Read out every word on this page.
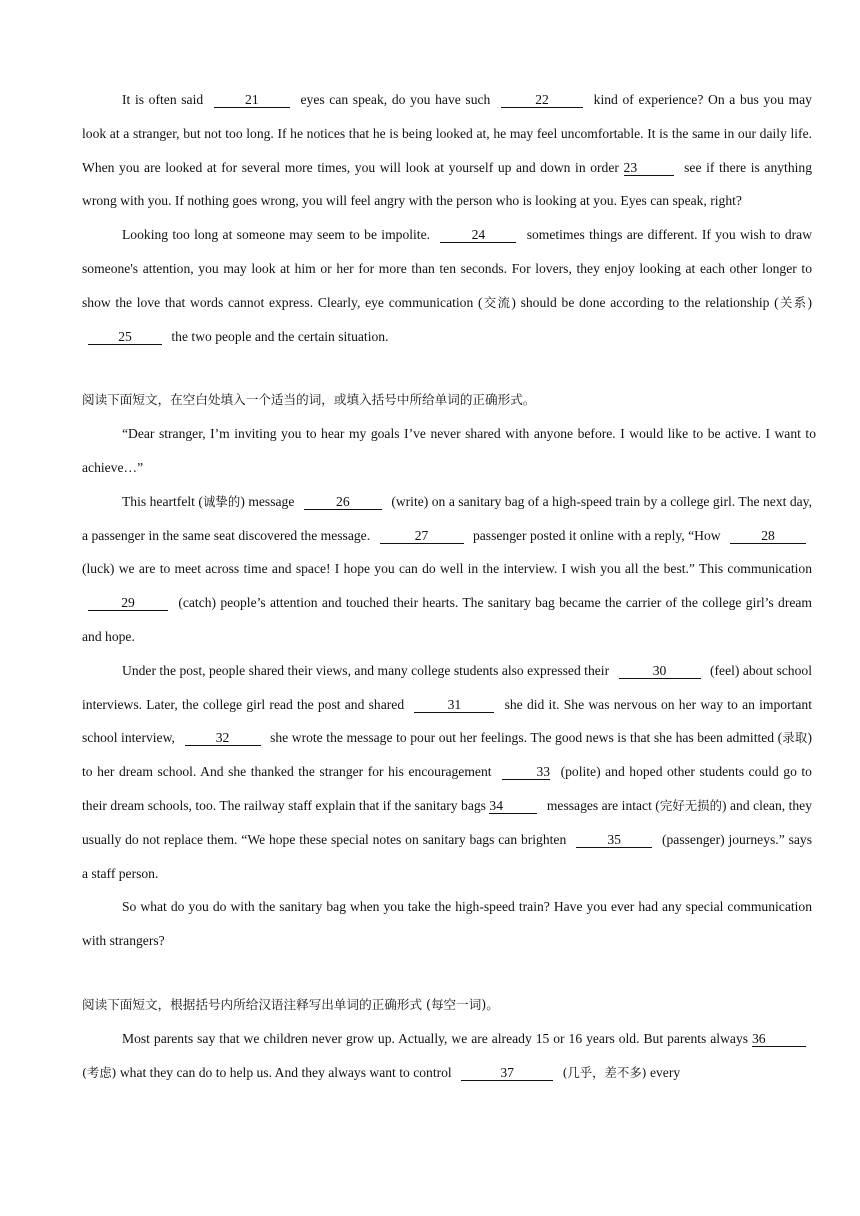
It is often said	21	eyes can speak, do you have such	22	kind of experience? On a bus you may look at a stranger, but not too long. If he notices that he is being looked at, he may feel uncomfortable. It is the same in our daily life. When you are looked at for several more times, you will look at yourself up and down in order 23	see if there is anything wrong with you. If nothing goes wrong, you will feel angry with the person who is looking at you. Eyes can speak, right?

Looking too long at someone may seem to be impolite.	24	sometimes things are different. If you wish to draw someone's attention, you may look at him or her for more than ten seconds. For lovers, they enjoy looking at each other longer to show the love that words cannot express. Clearly, eye communication (交流) should be done according to the relationship (关系) 25	the two people and the certain situation.

阅读下面短文，在空白处填入一个适当的词，或填入括号中所给单词的正确形式。

“Dear stranger, I’m inviting you to hear my goals I’ve never shared with anyone before. I would like to be active. I want to achieve…”

This heartfelt (诚挚的) message	26	(write) on a sanitary bag of a high-speed train by a college girl. The next day, a passenger in the same seat discovered the message.	27	passenger posted it online with a reply, “How	28 (luck) we are to meet across time and space! I hope you can do well in the interview. I wish you all the best.” This communication 29	(catch) people’s attention and touched their hearts. The sanitary bag became the carrier of the college girl’s dream and hope.

Under the post, people shared their views, and many college students also expressed their	30	(feel) about school interviews. Later, the college girl read the post and shared	31	she did it. She was nervous on her way to an important school interview,	32	she wrote the message to pour out her feelings. The good news is that she has been admitted (录取) to her dream school. And she thanked the stranger for his encouragement	33 (polite) and hoped other students could go to their dream schools, too. The railway staff explain that if the sanitary bags 34	messages are intact (完好无损的) and clean, they usually do not replace them. “We hope these special notes on sanitary bags can brighten	35	(passenger) journeys.” says a staff person.

So what do you do with the sanitary bag when you take the high-speed train? Have you ever had any special communication with strangers?

阅读下面短文，根据括号内所给汉语注释写出单词的正确形式 (每空一词)。

Most parents say that we children never grow up. Actually, we are already 15 or 16 years old. But parents always 36 (考虑) what they can do to help us. And they always want to control	37	(几乎，差不多) every
